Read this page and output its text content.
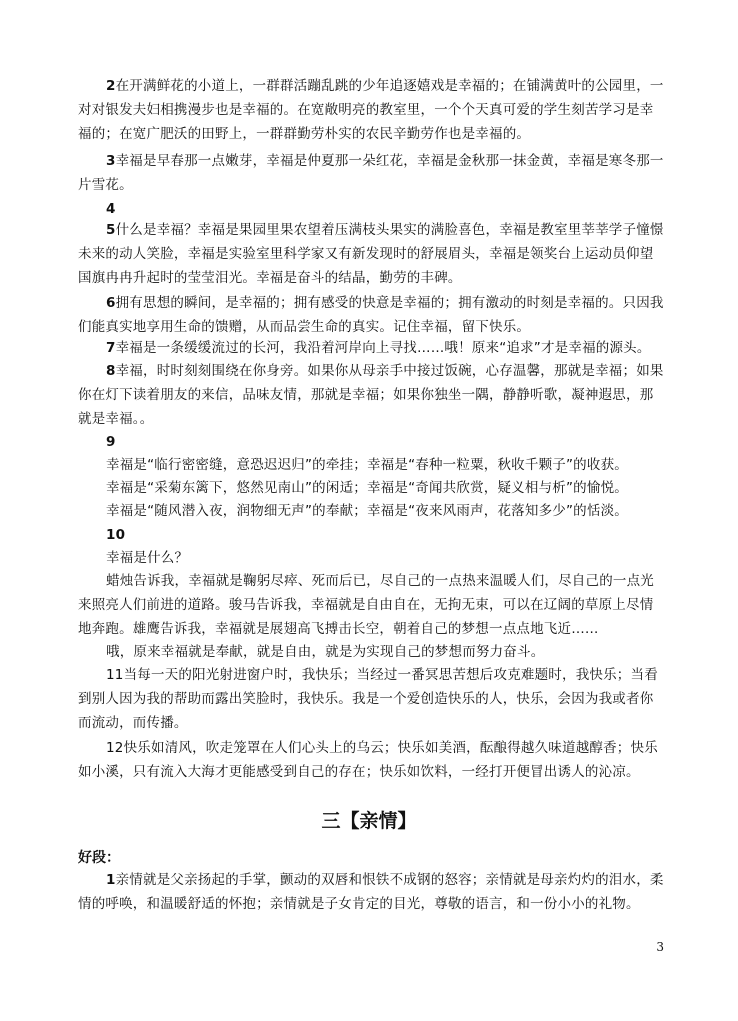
2在开满鲜花的小道上，一群群活蹦乱跳的少年追逐嬉戏是幸福的；在铺满黄叶的公园里，一对对银发夫妇相携漫步也是幸福的。在宽敞明亮的教室里，一个个天真可爱的学生刻苦学习是幸福的；在宽广肥沃的田野上，一群群勤劳朴实的农民辛勤劳作也是幸福的。
3幸福是早春那一点嫩芽，幸福是仲夏那一朵红花，幸福是金秋那一抹金黄，幸福是寒冬那一片雪花。
4
5什么是幸福？幸福是果园里果农望着压满枝头果实的满脸喜色，幸福是教室里莘莘学子憧憬未来的动人笑脸，幸福是实验室里科学家又有新发现时的舒展眉头，幸福是领奖台上运动员仰望国旗冉冉升起时的莹莹泪光。幸福是奋斗的结晶，勤劳的丰碑。
6拥有思想的瞬间，是幸福的；拥有感受的快意是幸福的；拥有激动的时刻是幸福的。只因我们能真实地享用生命的馈赠，从而品尝生命的真实。记住幸福，留下快乐。
7幸福是一条缓缓流过的长河，我沿着河岸向上寻找……哦！原来“追求”才是幸福的源头。
8幸福，时时刻刻围绕在你身旁。如果你从母亲手中接过饭碗，心存温馨，那就是幸福；如果你在灯下读着朋友的来信，品味友情，那就是幸福；如果你独坐一隅，静静听歌，凝神遐思，那就是幸福。。
9
幸福是“临行密密缝，意恐迟迟归”的牵挂；幸福是“春种一粒粟，秋收千颗子”的收获。
幸福是“采菊东篱下，悠然见南山”的闲适；幸福是“奇闻共欣赏，疑义相与析”的愉悦。
幸福是“随风潜入夜，润物细无声”的奉献；幸福是“夜来风雨声，花落知多少”的恬淡。
10
幸福是什么？
蜡烛告诉我，幸福就是鞠躬尽瘁、死而后已，尽自己的一点热来温暖人们，尽自己的一点光来照亮人们前进的道路。骏马告诉我，幸福就是自由自在，无拘无束，可以在辽阔的草原上尽情地奔跑。雄鹰告诉我，幸福就是展翅高飞搏击长空，朝着自己的梦想一点点地飞近……
哦，原来幸福就是奉献，就是自由，就是为实现自己的梦想而努力奋斗。
11当每一天的阳光射进窗户时，我快乐；当经过一番冥思苦想后攻克难题时，我快乐；当看到别人因为我的帮助而露出笑脸时，我快乐。我是一个爱创造快乐的人，快乐，会因为我或者你而流动，而传播。
12快乐如清风，吹走笼罩在人们心头上的乌云；快乐如美酒，酝酿得越久味道越醇香；快乐如小溪，只有流入大海才更能感受到自己的存在；快乐如饮料，一经打开便冒出诱人的沁凉。
三【亲情】
好段：
1亲情就是父亲扬起的手掌，颤动的双唇和恨铁不成钢的怒容；亲情就是母亲灼灼的泪水，柔情的呼唤，和温暖舒适的怀抱；亲情就是子女肯定的目光，尊敬的语言，和一份小小的礼物。
3
